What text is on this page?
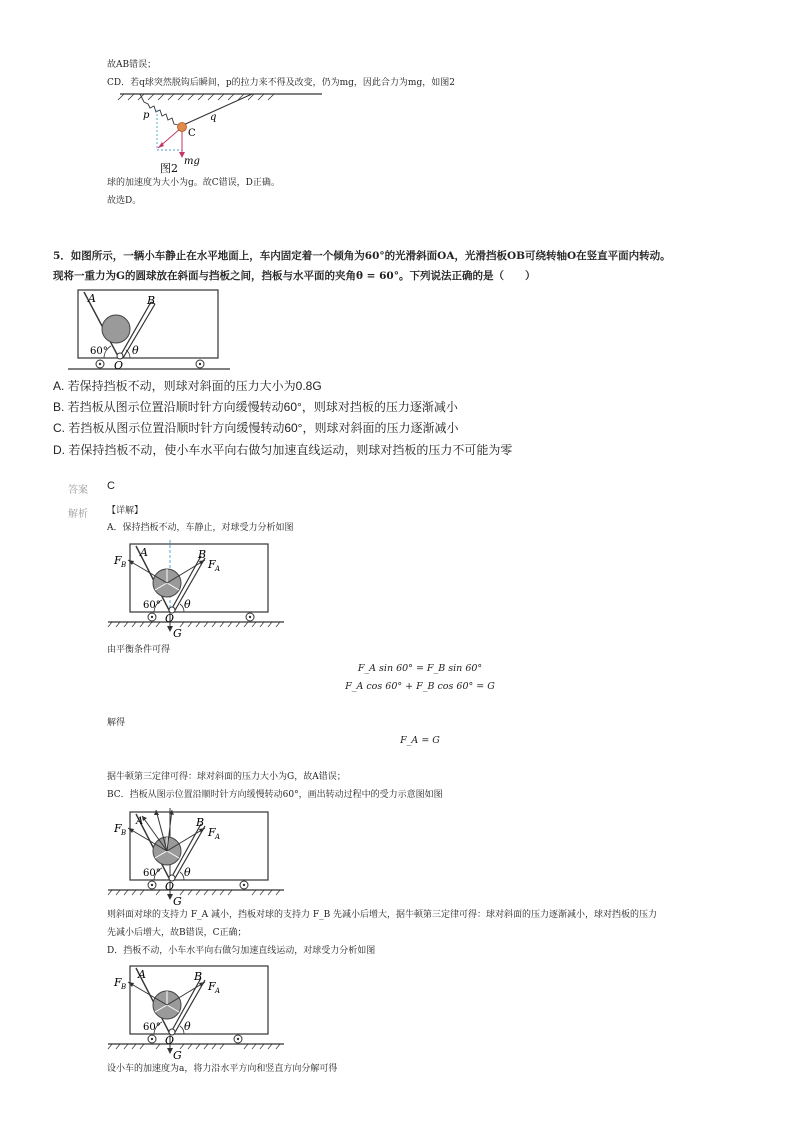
故AB错误；
CD．若q球突然脱钩后瞬间，p的拉力来不得及改变，仍为mg，因此合力为mg，如图2
p	q
C
mg
图2
球的加速度为大小为g。故C错误，D正确。
故选D。
5．如图所示，一辆小车静止在水平地面上，车内固定着一个倾角为60°的光滑斜面OA，光滑挡板OB可绕转轴O在竖直平面内转动。
现将一重力为G的圆球放在斜面与挡板之间，挡板与水平面的夹角θ = 60°。下列说法正确的是（　　）
A	B
60°
O
θ
A. 若保持挡板不动，则球对斜面的压力大小为0.8G
B. 若挡板从图示位置沿顺时针方向缓慢转动60°，则球对挡板的压力逐渐减小
C. 若挡板从图示位置沿顺时针方向缓慢转动60°，则球对斜面的压力逐渐减小
D. 若保持挡板不动，使小车水平向右做匀加速直线运动，则球对挡板的压力不可能为零
答案 C
解析 【详解】
A．保持挡板不动，车静止，对球受力分析如图
F B	F A
A	B
60°
O
θ
G
由平衡条件可得
F_A sin 60° = F_B sin 60°
F_A cos 60° + F_B cos 60° = G
解得
F_A = G
据牛顿第三定律可得：球对斜面的压力大小为G，故A错误；
BC．挡板从图示位置沿顺时针方向缓慢转动60°，画出转动过程中的受力示意图如图
F B	F A
A	B
60°
O
θ
G
则斜面对球的支持力 F_A 减小，挡板对球的支持力 F_B 先减小后增大，据牛顿第三定律可得：球对斜面的压力逐渐减小，球对挡板的压力
先减小后增大，故B错误，C正确；
D．挡板不动，小车水平向右做匀加速直线运动，对球受力分析如图
F B	F A
A	B
60°
O
θ
G
设小车的加速度为a，将力沿水平方向和竖直方向分解可得
